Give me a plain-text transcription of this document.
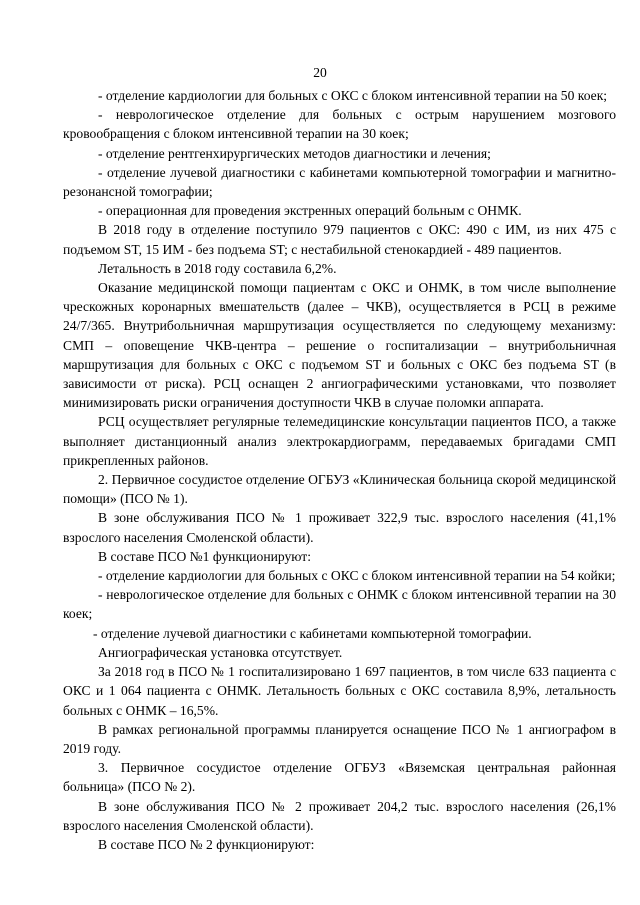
20

- отделение кардиологии для больных с ОКС с блоком интенсивной терапии на 50 коек;

- неврологическое отделение для больных с острым нарушением мозгового кровообращения с блоком интенсивной терапии на 30 коек;

- отделение рентгенхирургических методов диагностики и лечения;

- отделение лучевой диагностики с кабинетами компьютерной томографии и магнитно-резонансной томографии;

- операционная для проведения экстренных операций больным с ОНМК.

В 2018 году в отделение поступило 979 пациентов с ОКС: 490 с ИМ, из них 475 с подъемом ST, 15 ИМ - без подъема ST; с нестабильной стенокардией - 489 пациентов.

Летальность в 2018 году составила 6,2%.

Оказание медицинской помощи пациентам с ОКС и ОНМК, в том числе выполнение чрескожных коронарных вмешательств (далее – ЧКВ), осуществляется в РСЦ в режиме 24/7/365. Внутрибольничная маршрутизация осуществляется по следующему механизму: СМП – оповещение ЧКВ-центра – решение о госпитализации – внутрибольничная маршрутизация для больных с ОКС с подъемом ST и больных с ОКС без подъема ST (в зависимости от риска). РСЦ оснащен 2 ангиографическими установками, что позволяет минимизировать риски ограничения доступности ЧКВ в случае поломки аппарата.

РСЦ осуществляет регулярные телемедицинские консультации пациентов ПСО, а также выполняет дистанционный анализ электрокардиограмм, передаваемых бригадами СМП прикрепленных районов.

2. Первичное сосудистое отделение ОГБУЗ «Клиническая больница скорой медицинской помощи» (ПСО № 1).

В зоне обслуживания ПСО № 1 проживает 322,9 тыс. взрослого населения (41,1% взрослого населения Смоленской области).

В составе ПСО №1 функционируют:

- отделение кардиологии для больных с ОКС с блоком интенсивной терапии на 54 койки;

- неврологическое отделение для больных с ОНМК с блоком интенсивной терапии на 30 коек;

- отделение лучевой диагностики с кабинетами компьютерной томографии.

Ангиографическая установка отсутствует.

За 2018 год в ПСО № 1 госпитализировано 1 697 пациентов, в том числе 633 пациента с ОКС и 1 064 пациента с ОНМК. Летальность больных с ОКС составила 8,9%, летальность больных с ОНМК – 16,5%.

В рамках региональной программы планируется оснащение ПСО № 1 ангиографом в 2019 году.

3. Первичное сосудистое отделение ОГБУЗ «Вяземская центральная районная больница» (ПСО № 2).

В зоне обслуживания ПСО № 2 проживает 204,2 тыс. взрослого населения (26,1% взрослого населения Смоленской области).

В составе ПСО № 2 функционируют:
